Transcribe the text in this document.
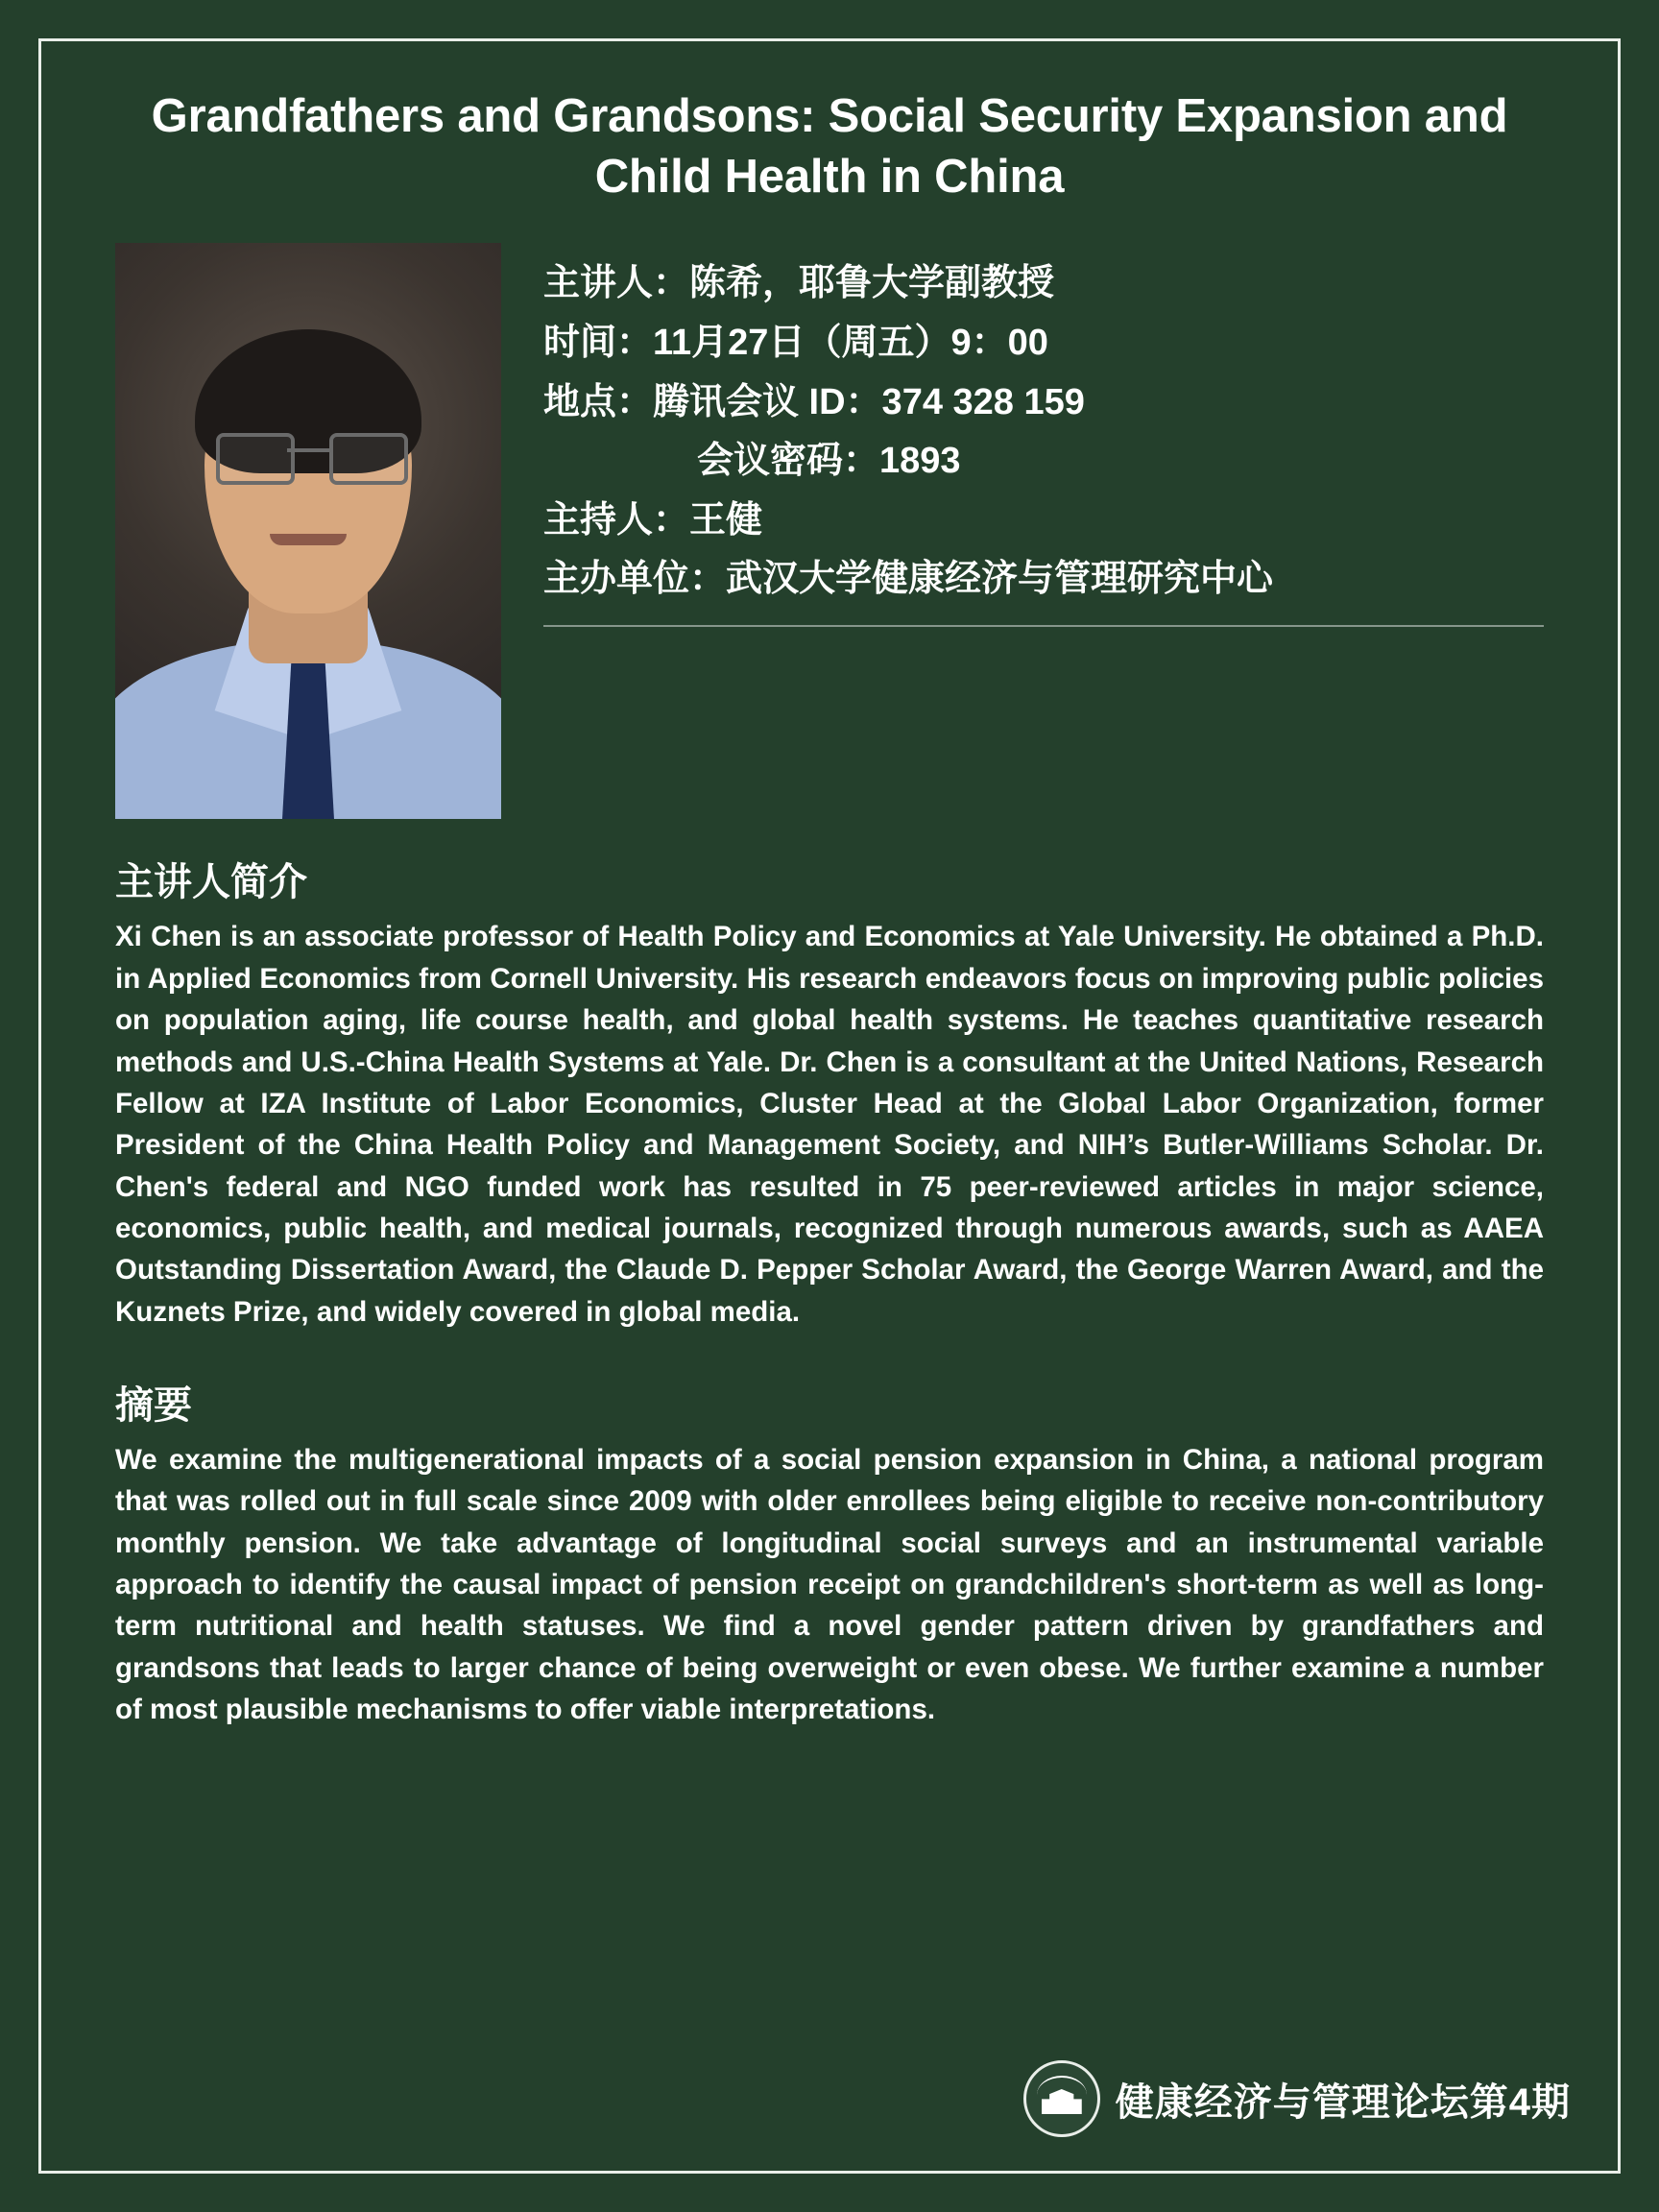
Grandfathers and Grandsons: Social Security Expansion and Child Health in China
主讲人：陈希，耶鲁大学副教授
时间：11月27日（周五）9：00
地点：腾讯会议 ID：374 328 159
会议密码：1893
主持人：王健
主办单位：武汉大学健康经济与管理研究中心
主讲人简介
Xi Chen is an associate professor of Health Policy and Economics at Yale University. He obtained a Ph.D. in Applied Economics from Cornell University. His research endeavors focus on improving public policies on population aging, life course health, and global health systems. He teaches quantitative research methods and U.S.-China Health Systems at Yale. Dr. Chen is a consultant at the United Nations, Research Fellow at IZA Institute of Labor Economics, Cluster Head at the Global Labor Organization, former President of the China Health Policy and Management Society, and NIH’s Butler-Williams Scholar. Dr. Chen's federal and NGO funded work has resulted in 75 peer-reviewed articles in major science, economics, public health, and medical journals, recognized through numerous awards, such as AAEA Outstanding Dissertation Award, the Claude D. Pepper Scholar Award, the George Warren Award, and the Kuznets Prize, and widely covered in global media.
摘要
We examine the multigenerational impacts of a social pension expansion in China, a national program that was rolled out in full scale since 2009 with older enrollees being eligible to receive non-contributory monthly pension. We take advantage of longitudinal social surveys and an instrumental variable approach to identify the causal impact of pension receipt on grandchildren's short-term as well as long-term nutritional and health statuses. We find a novel gender pattern driven by grandfathers and grandsons that leads to larger chance of being overweight or even obese. We further examine a number of most plausible mechanisms to offer viable interpretations.
健康经济与管理论坛第4期
